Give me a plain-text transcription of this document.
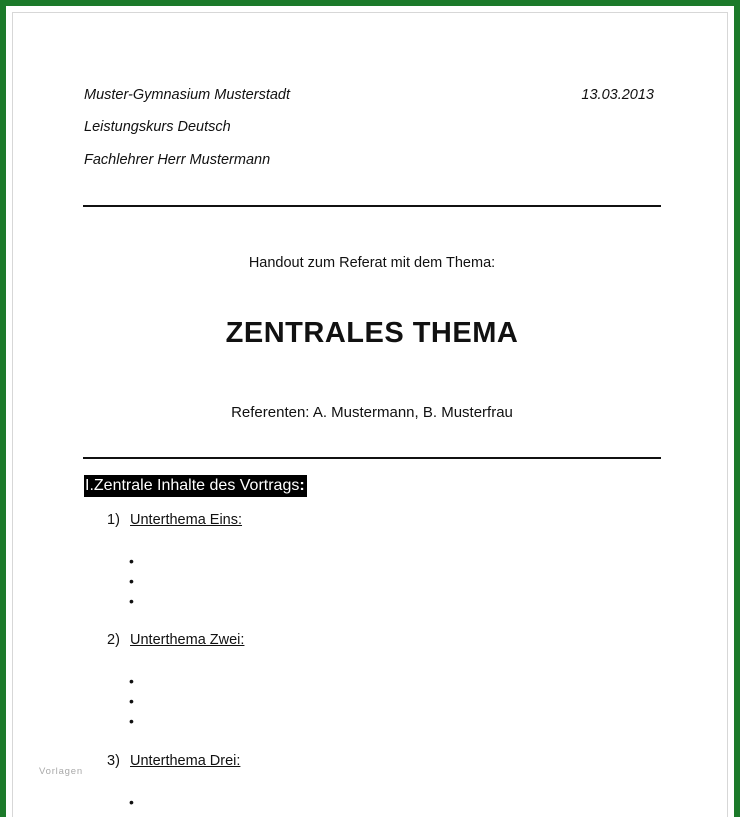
Muster-Gymnasium Musterstadt	13.03.2013
Leistungskurs Deutsch
Fachlehrer Herr Mustermann
Handout zum Referat mit dem Thema:
ZENTRALES THEMA
Referenten: A. Mustermann, B. Musterfrau
I.Zentrale Inhalte des Vortrags:
1) Unterthema Eins:
•
•
•
2) Unterthema Zwei:
•
•
•
3) Unterthema Drei:
•
Vorlagen
